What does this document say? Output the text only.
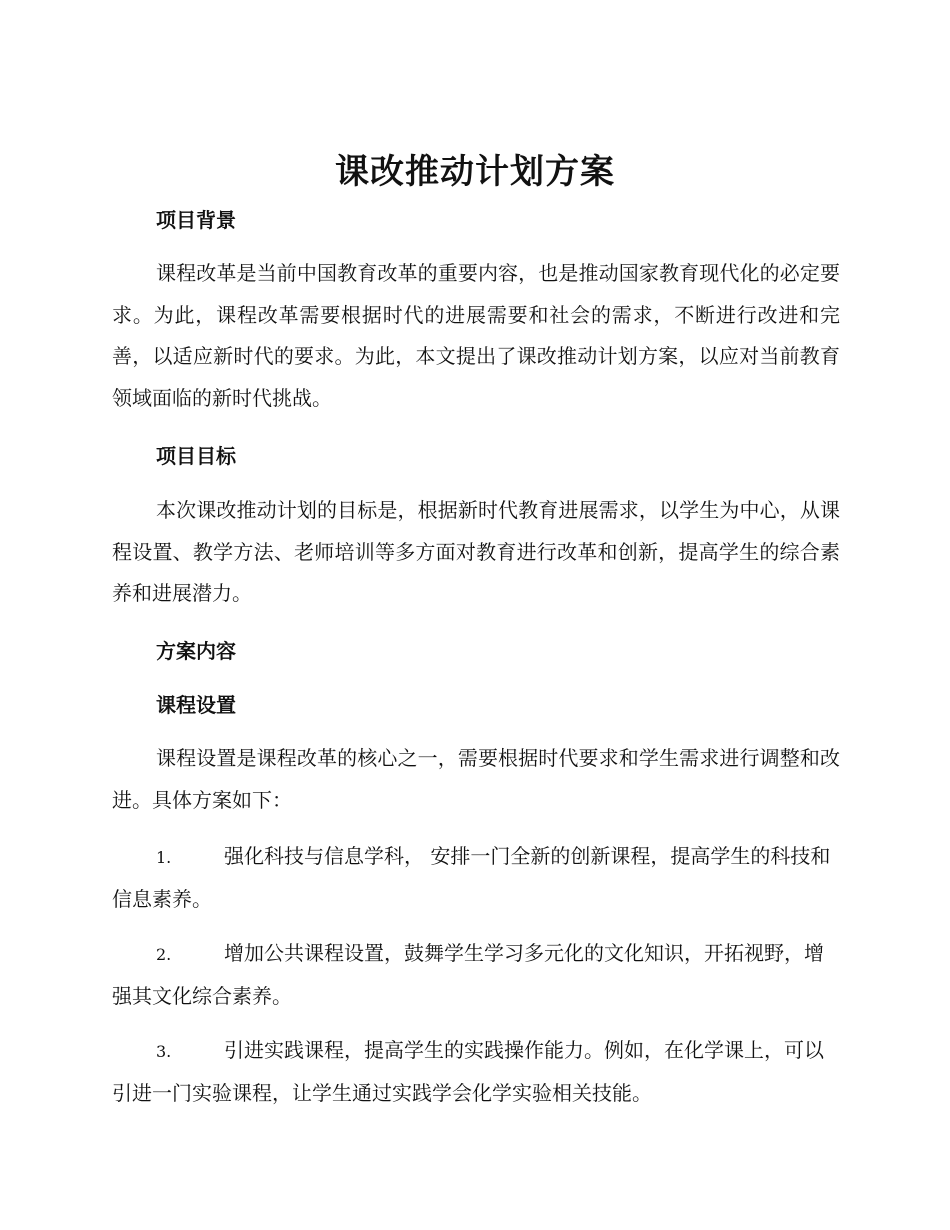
课改推动计划方案
项目背景

课程改革是当前中国教育改革的重要内容，也是推动国家教育现代化的必定要求。为此，课程改革需要根据时代的进展需要和社会的需求，不断进行改进和完善，以适应新时代的要求。为此，本文提出了课改推动计划方案，以应对当前教育领域面临的新时代挑战。

项目目标

本次课改推动计划的目标是，根据新时代教育进展需求，以学生为中心，从课程设置、教学方法、老师培训等多方面对教育进行改革和创新，提高学生的综合素养和进展潜力。

方案内容
课程设置

课程设置是课程改革的核心之一，需要根据时代要求和学生需求进行调整和改进。具体方案如下：

1.	强化科技与信息学科， 安排一门全新的创新课程，提高学生的科技和信息素养。

2.	增加公共课程设置，鼓舞学生学习多元化的文化知识，开拓视野，增强其文化综合素养。

3.	引进实践课程，提高学生的实践操作能力。例如，在化学课上，可以引进一门实验课程，让学生通过实践学会化学实验相关技能。
